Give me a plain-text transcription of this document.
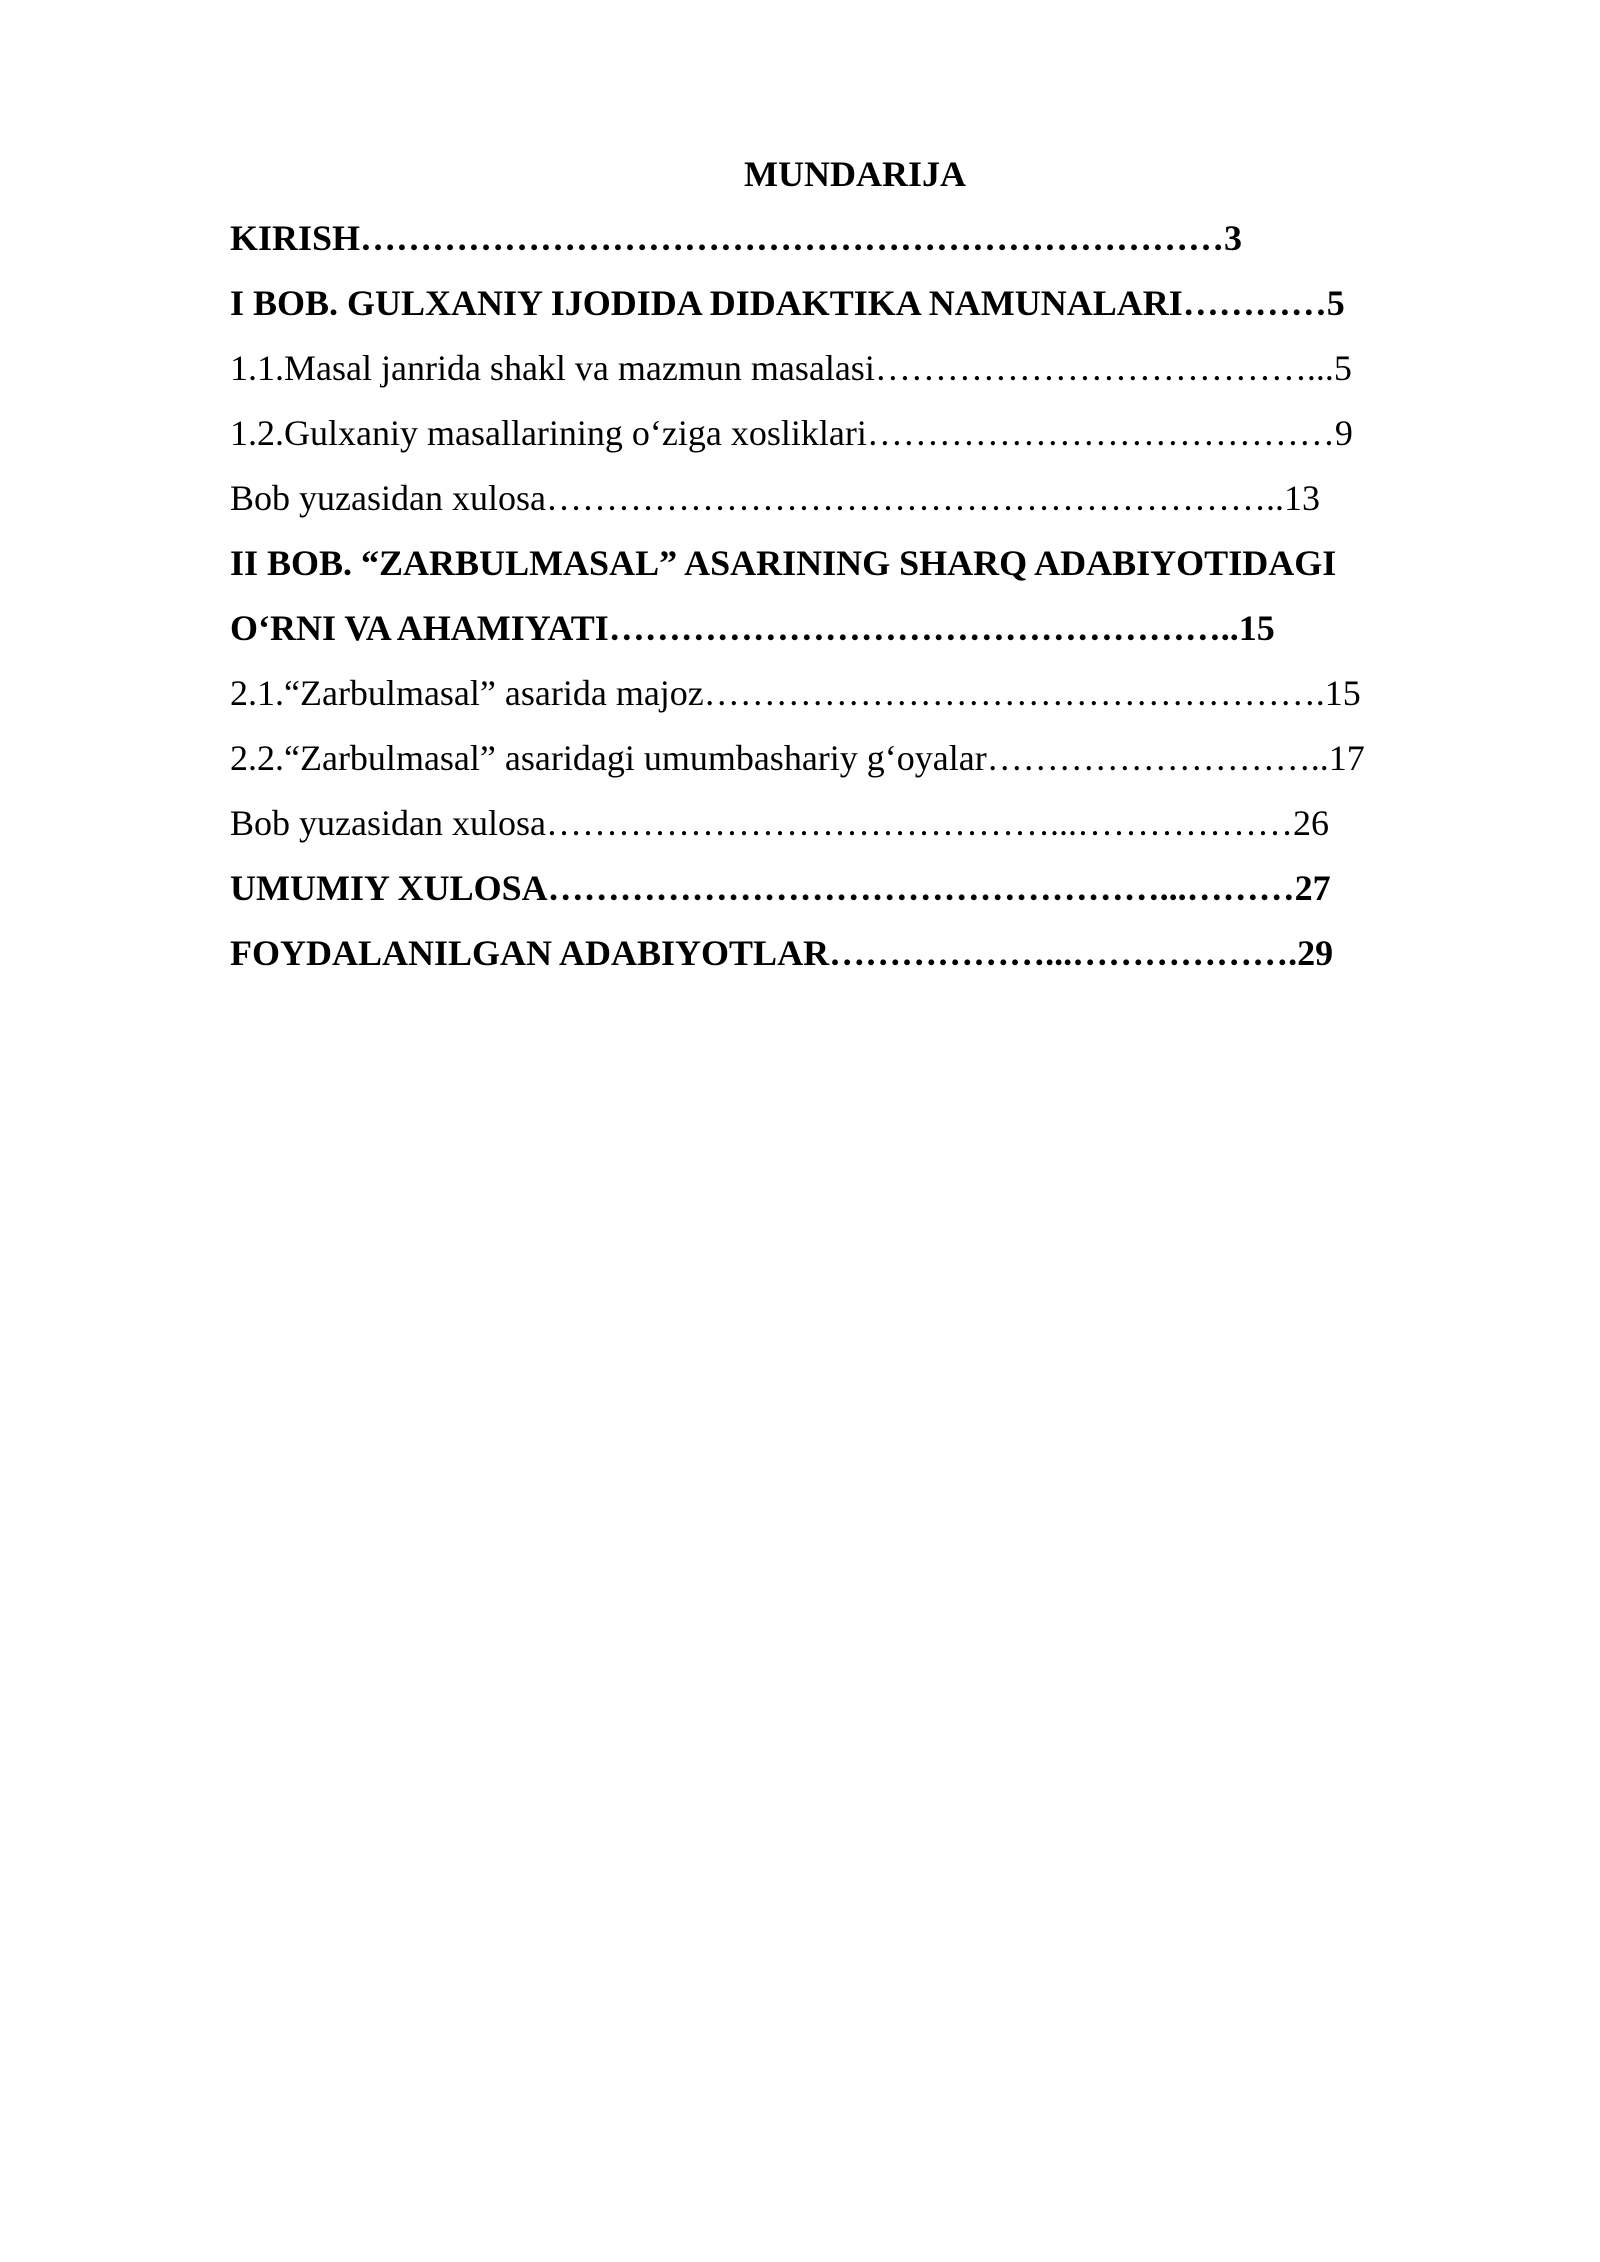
MUNDARIJA
KIRISH………………………………………………………………3
I BOB. GULXANIY IJODIDA DIDAKTIKA NAMUNALARI…………5
1.1.Masal janrida shakl va mazmun masalasi………………………………...5
1.2.Gulxaniy masallarining o‘ziga xosliklari…………………………………9
Bob yuzasidan xulosa……………………………………………………..13
II BOB. “ZARBULMASAL” ASARINING SHARQ ADABIYOTIDAGI
O‘RNI VA AHAMIYATI……………………………………………..15
2.1.“Zarbulmasal” asarida majoz…………………………………………….15
2.2.“Zarbulmasal” asaridagi umumbashariy g‘oyalar………………………..17
Bob yuzasidan xulosa……………………………………...………………26
UMUMIY XULOSA……………………………………………...………27
FOYDALANILGAN ADABIYOTLAR………………...……………….29
